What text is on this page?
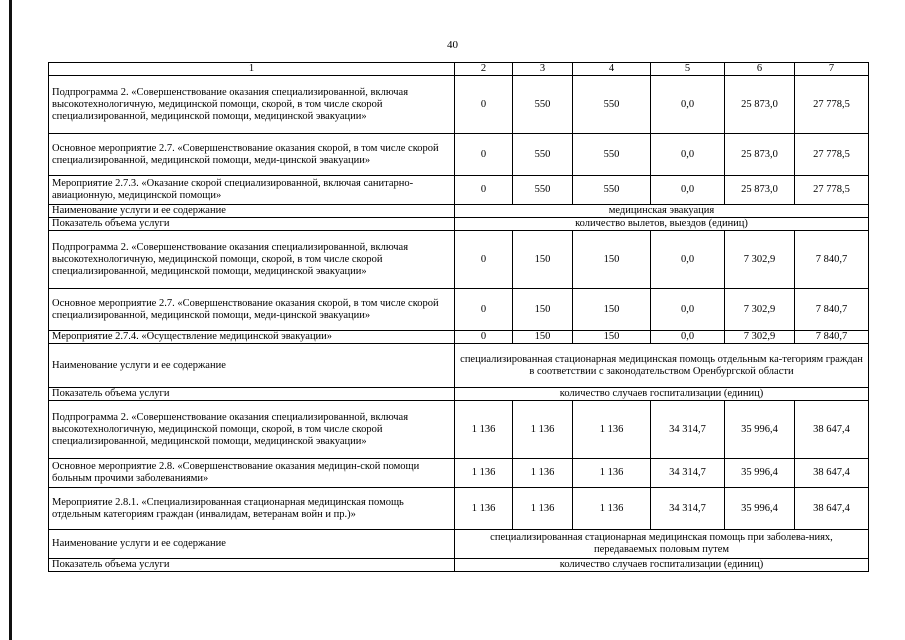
40
1	2	3	4	5	6	7
Подпрограмма 2. «Совершенствование оказания специализированной, включая высокотехнологичную, медицинской помощи, скорой, в том числе скорой специализированной, медицинской помощи, медицинской эвакуации»	0	550	550	0,0	25 873,0	27 778,5
Основное мероприятие 2.7. «Совершенствование оказания скорой, в том числе скорой специализированной, медицинской помощи, меди-цинской эвакуации»	0	550	550	0,0	25 873,0	27 778,5
Мероприятие 2.7.3. «Оказание скорой специализированной, включая санитарно-авиационную, медицинской помощи»	0	550	550	0,0	25 873,0	27 778,5
Наименование услуги и ее содержание	медицинская эвакуация					
Показатель объема услуги	количество вылетов, выездов (единиц)					
Подпрограмма 2. «Совершенствование оказания специализированной, включая высокотехнологичную, медицинской помощи, скорой, в том числе скорой специализированной, медицинской помощи, медицинской эвакуации»	0	150	150	0,0	7 302,9	7 840,7
Основное мероприятие 2.7. «Совершенствование оказания скорой, в том числе скорой специализированной, медицинской помощи, меди-цинской эвакуации»	0	150	150	0,0	7 302,9	7 840,7
Мероприятие 2.7.4. «Осуществление медицинской эвакуации»	0	150	150	0,0	7 302,9	7 840,7
Наименование услуги и ее содержание	специализированная стационарная медицинская помощь отдельным ка-тегориям граждан в соответствии с законодательством Оренбургской области					
Показатель объема услуги	количество случаев госпитализации (единиц)					
Подпрограмма 2. «Совершенствование оказания специализированной, включая высокотехнологичную, медицинской помощи, скорой, в том числе скорой специализированной, медицинской помощи, медицинской эвакуации»	1 136	1 136	1 136	34 314,7	35 996,4	38 647,4
Основное мероприятие 2.8. «Совершенствование оказания медицин-ской помощи больным прочими заболеваниями»	1 136	1 136	1 136	34 314,7	35 996,4	38 647,4
Мероприятие 2.8.1. «Специализированная стационарная медицинская помощь отдельным категориям граждан (инвалидам, ветеранам войн и пр.)»	1 136	1 136	1 136	34 314,7	35 996,4	38 647,4
Наименование услуги и ее содержание	специализированная стационарная медицинская помощь при заболева-ниях, передаваемых половым путем					
Показатель объема услуги	количество случаев госпитализации (единиц)					
